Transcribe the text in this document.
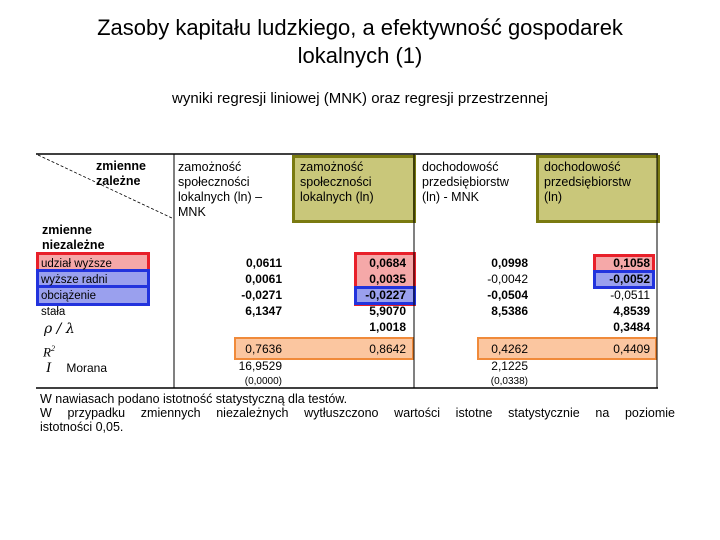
Zasoby kapitału ludzkiego, a efektywność gospodarek
lokalnych (1)
wyniki regresji liniowej (MNK) oraz regresji przestrzennej
zmienne
zależne
zmienne
niezależne
zamożność
społeczności
lokalnych (ln) –
MNK
zamożność
społeczności
lokalnych (ln)
dochodowość
przedsiębiorstw
(ln) - MNK
dochodowość
przedsiębiorstw
(ln)
udział wyższe
wyższe radni
obciążenie
stała
ρ / λ
$R^2$
I Morana
0,0611
0,0061
-0,0271
6,1347
0,7636
16,9529
(0,0000)
0,0684
0,0035
-0,0227
5,9070
1,0018
0,8642
0,0998
-0,0042
-0,0504
8,5386
0,4262
2,1225
(0,0338)
0,1058
-0,0052
-0,0511
4,8539
0,3484
0,4409
W nawiasach podano istotność statystyczną dla testów.
W przypadku zmiennych niezależnych wytłuszczono wartości istotne statystycznie na poziomie
istotności 0,05.
